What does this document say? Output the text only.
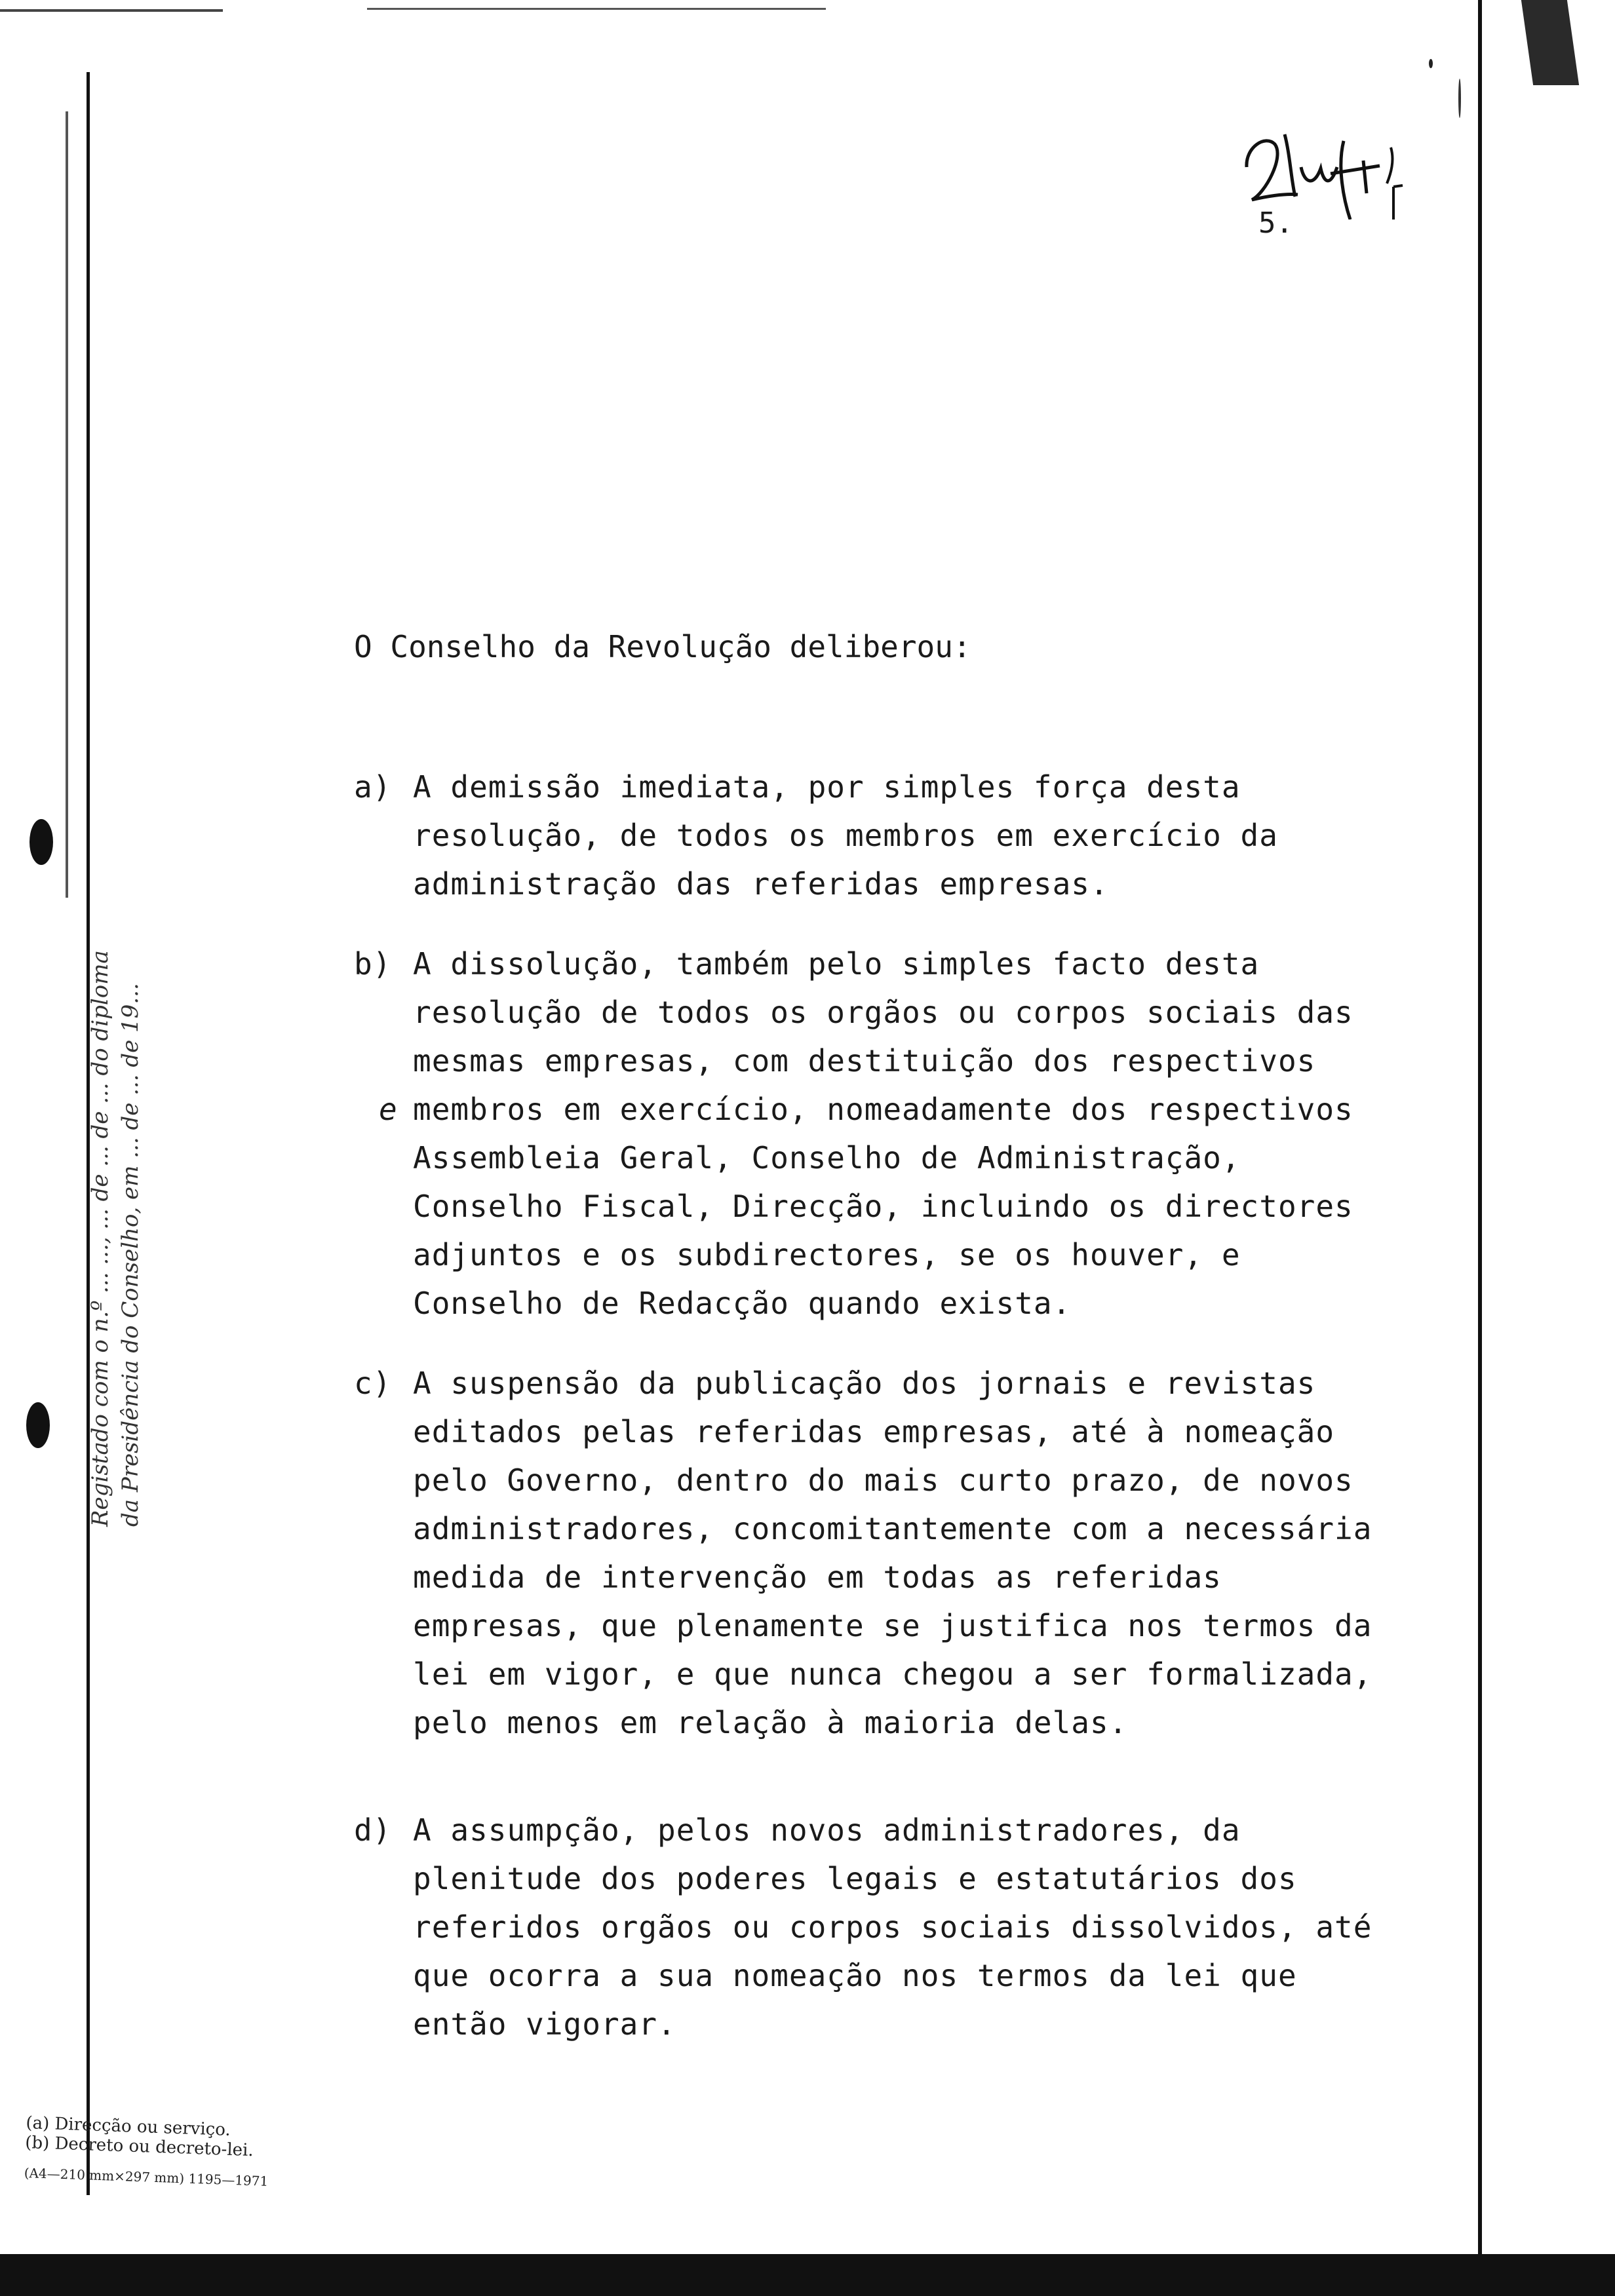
5.
Registado com o n.º ... ..., ... de ... de ... do diploma da Presidência do Conselho, em ... de ... de 19...

O Conselho da Revolução deliberou:

a) A demissão imediata, por simples força desta resolução, de todos os membros em exercício da administração das referidas empresas.
b)
e
A dissolução, também pelo simples facto desta resolução de todos os orgãos ou corpos sociais das mesmas empresas, com destituição dos respectivos membros em exercício, nomeadamente dos respectivos Assembleia Geral, Conselho de Administração, Conselho Fiscal, Direcção, incluindo os directores adjuntos e os subdirectores, se os houver, e Conselho de Redacção quando exista.
c) A suspensão da publicação dos jornais e revistas editados pelas referidas empresas, até à nomeação pelo Governo, dentro do mais curto prazo, de novos administradores, concomitantemente com a necessária medida de intervenção em todas as referidas empresas, que plenamente se justifica nos termos da lei em vigor, e que nunca chegou a ser formalizada, pelo menos em relação à maioria delas.
d) A assumpção, pelos novos administradores, da plenitude dos poderes legais e estatutários dos referidos orgãos ou corpos sociais dissolvidos, até que ocorra a sua nomeação nos termos da lei que então vigorar.
(a) Direcção ou serviço.
(b) Decreto ou decreto-lei.
(A4—210 mm×297 mm) 1195—1971
